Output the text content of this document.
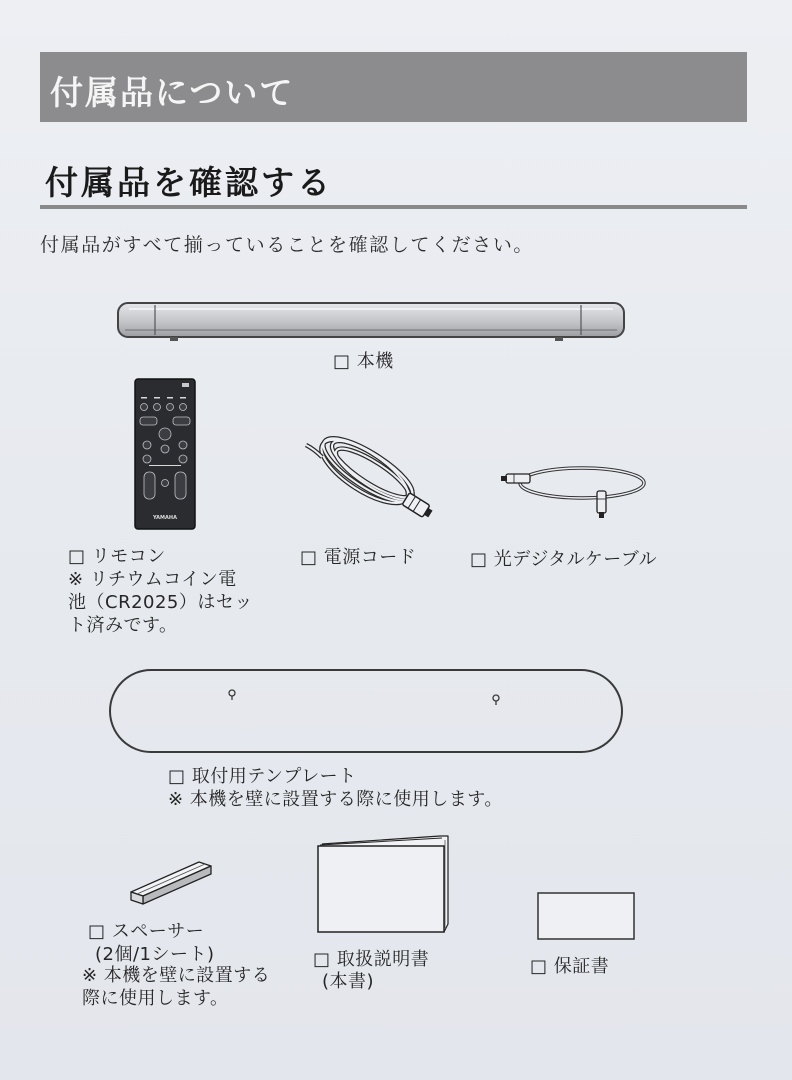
付属品について
付属品を確認する
付属品がすべて揃っていることを確認してください。
□ 本機
YAMAHA
□ リモコン
※ リチウムコイン電
池（CR2025）はセッ
ト済みです。
□ 電源コード	□ 光デジタルケーブル
□ 取付用テンプレート
※ 本機を壁に設置する際に使用します。
□ スペーサー
(2個/1シート)
※ 本機を壁に設置する
際に使用します。
□ 取扱説明書
(本書)
□ 保証書
